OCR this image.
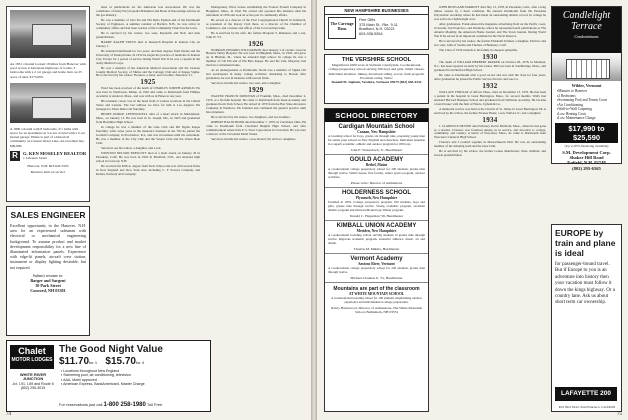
An 1851 colonial located 18 miles from Hanover with good access to Interstate highways. 6 rooms, 3 bedrooms with a 2 car garage and home barn on 25 acres of land. $175,000.
A 1800 colonial with 8 bedrooms, 2½ baths with space for an apartment on 3 acres of land with a 2-car heated garage. Home is part of a historical community on Canaan Street Lake. An excellent buy. $99,000.
R	G. KEN MOSELEY REALTOR
1 Lebanon Street
Hanover, N.H. 603-643-5505
Business built on service
SALES ENGINEER
Excellent opportunity in the Hanover, N.H. area for an experienced salesman with electrical or mechanical engineering background. To assume product and market development responsibility for a new line of illuminated information panels. Experience with edge-lit panels, aircraft crew station, instrument or display lighting desirable, but not required.
Submit resume to:
Barger and Sargent
10 Park Street
Concord, NH 03301
Chalet
MOTOR LODGES
WHITE RIVER JUNCTION
Jct. I-91, I-89 and Route 5
(802) 295-3015
The Good Night Value
$11.70for 1 $15.70for 4
▪ Locations throughout New England
▪ Swimming pool, air conditioning, television
▪ AAA, Mobil approved
▪ American Express, BankAmericard, Master Charge
For reservations just call 1-800 258-1980 Toll Free

head of publications for the American Gas Association. He was the contributor of many Encyclopedia Britannica and Book of Knowledge articles on the gas industry.

He was a member of Zeta Psi and Phi Delta Epsilon and of the Dartmouth Society of Engineers. A summer resident of Bartlett, N.H., he was active in community affairs and had been warden of the Community Church in the town.

He is survived by his widow, two sons, Reynolds and Neil, and nine grandchildren.

HARRY RALPH STILES died at Research Hospital in Kansas City on January 1.

He attended Dartmouth for two years, and then degrees from Tulane and the University of Pennsylvania. In 1932 he began the practice of medicine in Kansas City. Except for a period of service during World War II he was a captain in the Army Medical Corps.

He was a member of the American Medical Association and the Jackson County Medical Society, of Shrine and the Carriage Club and of Kappa Sigma. He is survived by his widow, Florence, a sister, and a brother, Theodore '21.

1925

Word has been received of the death of CHARLES JOSEPH ARNOLD. He was born in Westbrook, Maine, in 1902 and came to Dartmouth from Phillips Academy at Andover, Mass., and was with us in Hanover one year.

His business career was in the hotel field at various locations in the United States and Canada. The last address we have for him is Los Angeles. He belonged to Theta Delta Chi fraternity.

HENRY DODGE LEFFINGWELL died of a heart attack in Marblehead, Mass., on January 13. He was born in St. Joseph, Mo., in 1903 and graduated from Hotchkiss High School.

In college he was a member of the Glee Club and Phi Sigma Kappa fraternity. After some years in the insurance business in the '50s he joined the Gorham Company in Providence, R.I., and was in business until his retirement. He was a member of the City Club and the Vesper Club and the Union Boat Club.

Survivors are his widow, a daughter, and a son.

WINSTON NELSON PRESCOTT died of a heart attack on January 29 in Pasadena, Calif. He was born in 1903 in Pittsfield, N.H., and attended high school in Concord, N.H.

He received his M.B.A. degree from Tuck School and was with several firms in New England and New York area, including C. F. Powers Company and Kidder, Peabody and Company.

Montgomery Ward, before establishing the Frances Farnell Company in Houghton, Mass., in 1942. He owned and operated this business until his retirement in 1959 and took an active part in community affairs.

He served as a director of the First Congregational Church in Sandwich, as president of the Rotary Club there, as a director of the Chamber of Commerce, and a trustee and officer of the local savings bank.

He is survived by his wife, the former Margaret S. Ridenour, and a son, John W. '53.

1926

NORMAN EDWARD WILLIAMSON died January 3 of cardiac arrest in Hudson Valley Hospital. He was born in Hingham, Mass., in 1903, and grew up in Hindale, Ill., where he attended high school. In college he was a member of Chi Phi and of Phi Beta Kappa. He and his wife, Marjorie, had lived in a retirement home.

As an undergraduate at Dartmouth, Norm was a member of Sigma Chi and participated in many college activities. Returning to Boston after graduation, he was in business with several firms.

Survivors include his widow, two sons, and a daughter.

1929

WALTER FRANCIS DONOVAN of Franklin, Mass., died December 4, 1979, at a Norfolk hospital. He came to Dartmouth from Dean Academy and graduated from Tuck School. He retired in 1970 from the Bay State Abrasives Company in Westboro. He founded and continued the general practice until his retirement.

He is survived by his widow, two daughters, and two brothers.

ROBERT HALSE BOND died December 7, 1979, in Cleveland, Ohio. He came to Dartmouth from Cleveland Heights High School, and after commencement entered the U.S. Steel Corporation in Cleveland. He was later a director of the Cleveland Metal Works.

Survivors include his widow, a son, Robert '60, and two daughters.

74
NEW HAMPSHIRE BUSINESSES
The Carriage Haus
Fine Gifts
375 Main St., Rte. 9-11
Bradford, N.H. 03221
603-938-5354
THE VERSHIRE SCHOOL
Magnificent 1000 acres in Vermont countryside. Coeducational, college preparatory school serving 100 boys and girls. Small classes. Individual attention. Skiing, horseback riding, soccer, farm program. Excellent rating. Write:
Donald M. Ingham, Vershire, Vermont 05079 (802) 685-4542
SCHOOL DIRECTORY
Cardigan Mountain School
Canaan, New Hampshire
A boarding school for boys, grades six through nine, preparing young men for senior prep schools in New England and elsewhere. Individual attention in a superb academic, athletic and outdoor program for 180 boys.
John E. Wasserbach, Jr., Headmaster
GOULD ACADEMY
Bethel, Maine
A coeducational college preparatory school for 200 students, grades nine through twelve. Small classes, fine faculty, winter sports program, outdoor activities.
Please write: Director of Admissions
HOLDERNESS SCHOOL
Plymouth, New Hampshire
Founded in 1879. College preparatory program. 250 students, boys and girls, grades nine through twelve. Strong academic program, excellent athletic program and Outward Bound type Winter program.
Donald C. Hagerman '58, Headmaster
KIMBALL UNION ACADEMY
Meriden, New Hampshire
A coeducational boarding school serving students in grades nine through twelve. Rigorous academic program, extensive athletics, music, art and drama.
Thomas M. Mikula, Headmaster
Vermont Academy
Saxtons River, Vermont
A coeducational college preparatory school for 220 students, grades nine through twelve.
Michael Choukas Jr. '51, Headmaster
Mountains are part of the classroom
AT WHITE MOUNTAIN SCHOOL
A coeducational boarding school for 100 students emphasizing outdoor experience and individualized college preparation.
Nancy Hazelwood, Director of Admissions, The White Mountain School, Bethlehem, NH 03574

JOHN BOWLAND PARROTT died July 13, 1978, in Pasadena, Calif., after a long illness caused by a heart condition. He entered Dartmouth from the Pasadena Polytechnic Academy where he had made an outstanding athletic record. In college he was active in a lightweight crew.

After graduation, Frank entered the magazine advertising field on the Pacific coast, in Seattle, San Francisco, and Pasadena, where he represented such publications as The Atlantic Monthly, the American Home Journal, and The Town Journal. During World War II he served in an important command in the Naval Reserve.

He is survived by his widow, the former Elizabeth Tolman; a daughter, Patricia; and two sons, John of Seattle and Thomas of Berkeley, Calif.

The Class of 1930 extends to his family its deepest sympathy.

1930

The death of WILLIAM HERBERT PARKER on October 28, 1978, in Madison, N.J., has been reported recently by his widow. Bill was born in Southbridge, Mass., and graduated from Hartford High School.

He came to Dartmouth with a good record and was with the class for four years. After graduation he joined the Public Service Electric and Gas Co.

1932

WALLACE FINDLAY of Alford, Mass., died on December 13, 1979. He had been a patient in the hospital in Great Barrington, Mass., for several months. Wally had attended Harvard Business School and graduated from Williston Academy. He became a bond broker with the firm of Harris, Upham & Co.

A memorial service was held at the Church of St. James in Great Barrington. He is survived by his widow, the former Eleanor Bates; a son, Wallace Jr.; and a daughter.

1934

J. CLARENCE DEVINE died February 2nd in Pittsfield, Mass., where he had gone as a teacher. Clarence was foremost among us in service, and devotion to college, community, and country. A native of Worcester, Mass., he came to Dartmouth from Worcester Classical High School.

Clarence and I roomed together in Massachusetts Hall. He was an outstanding member of the debating team and the Glee Club.

He is survived by his widow, the former Louise Manchester; three children; and several grandchildren.

Candlelight
Terrace
Condominiums
Wilder, Vermont
▪ Minutes to Hanover
▪ 2 Bedrooms
▪ Swimming Pool and Tennis Court
▪ Air Conditioning
▪ Wall-to-Wall Carpeting
▪ Low Heating Costs
▪ Low Maintenance Charge
$17,990 to $25,590
(Up to 95% financing available)
S.M. Development Corp.
Shaker Hill Road
Enfield, N.H. 03748
(802) 295-6565
EUROPE by train and plane is ideal
for passenger-bound travel. But if Europe to you is an adventure into history then your vacation must follow it down the kings highway. Or a country lane. Ask us about short term car ownership.
LAFAYETTE 200
P.O. Box 8122, San Francisco, CA 94109
75
